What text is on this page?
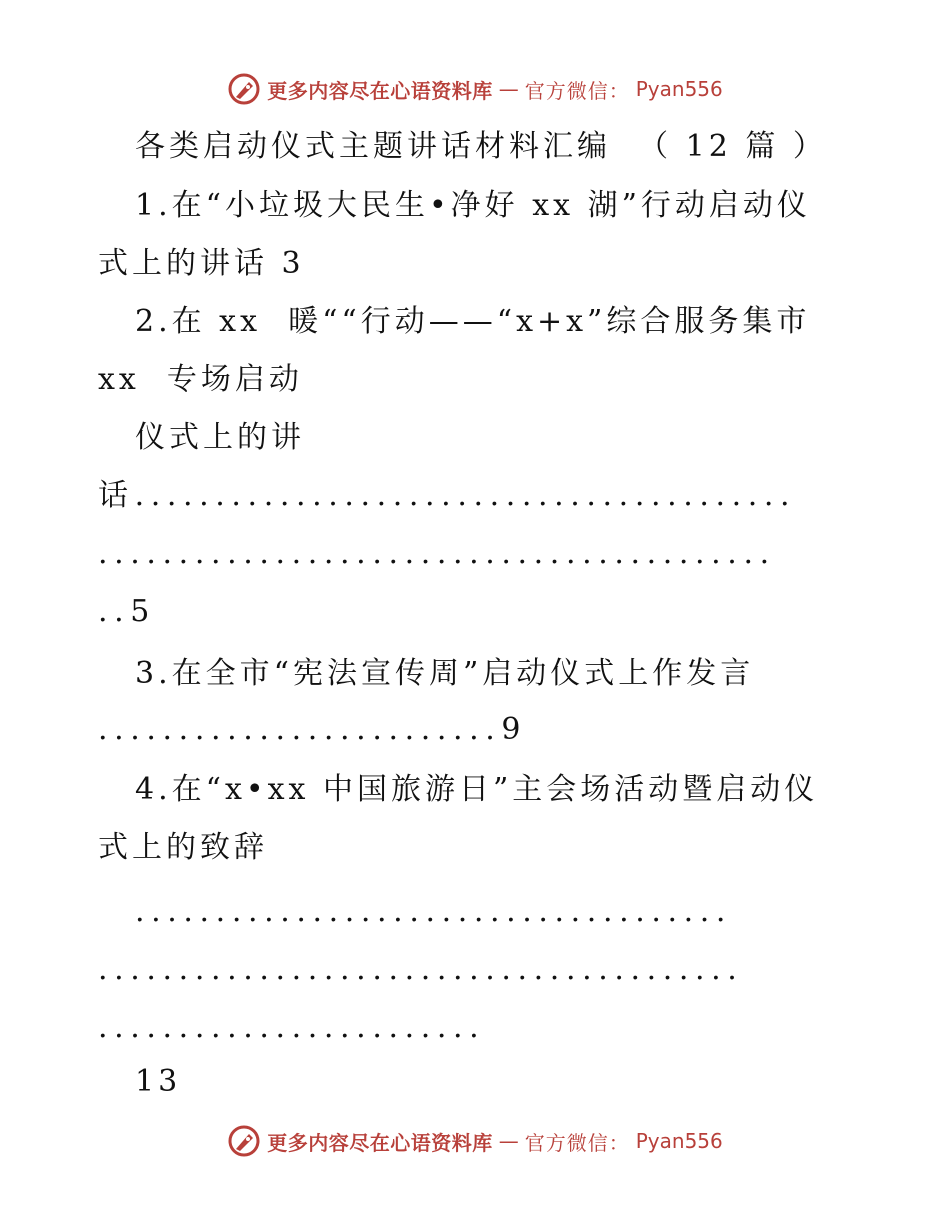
更多内容尽在心语资料库 — 官方微信： Pyan556
各类启动仪式主题讲话材料汇编  （ 12 篇 ）
1.在“小垃圾大民生•净好 xx 湖”行动启动仪
式上的讲话 3
2.在 xx  暖““行动——“x+x”综合服务集市
xx  专场启动
仪式上的讲
话.........................................
..........................................
..5
3.在全市“宪法宣传周”启动仪式上作发言
.........................9
4.在“x•xx 中国旅游日”主会场活动暨启动仪
式上的致辞
.....................................
........................................
........................
13
更多内容尽在心语资料库 — 官方微信： Pyan556
